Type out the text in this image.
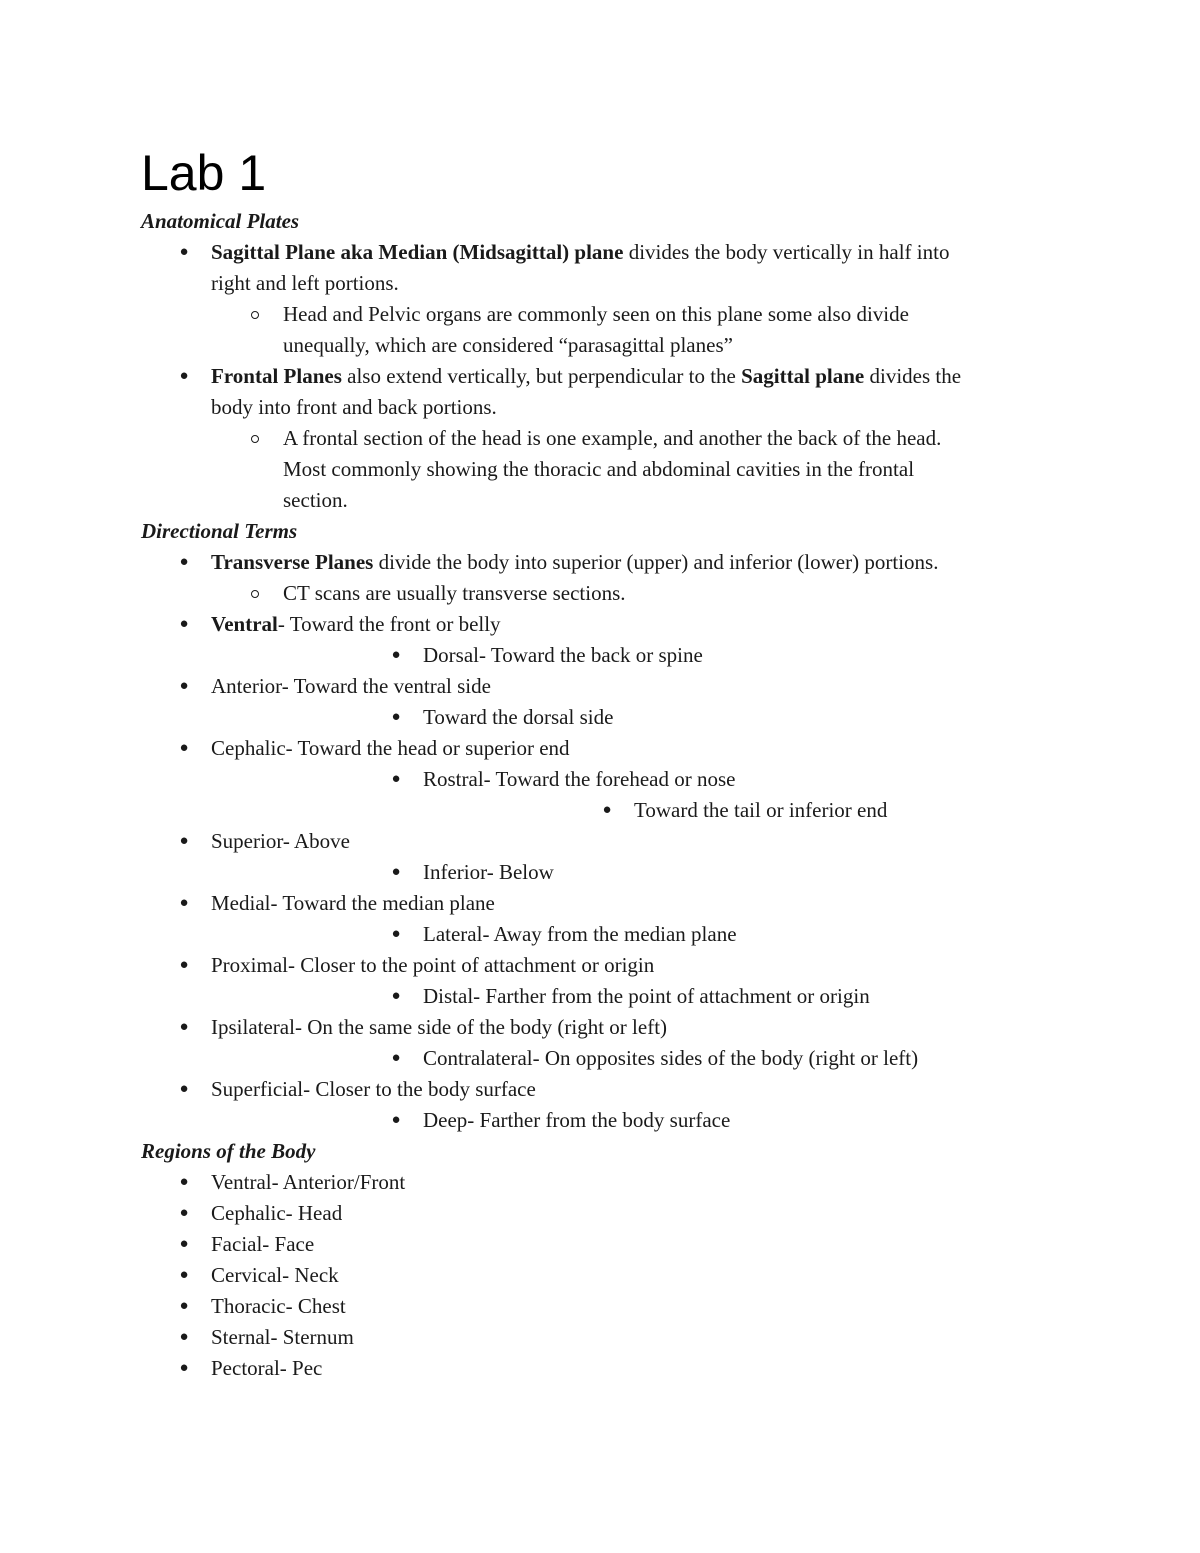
Lab 1
Anatomical Plates
● Sagittal Plane aka Median (Midsagittal) plane divides the body vertically in half into
right and left portions.
Head and Pelvic organs are commonly seen on this plane some also divide
unequally, which are considered “parasagittal planes”
● Frontal Planes also extend vertically, but perpendicular to the Sagittal plane divides the
body into front and back portions.
A frontal section of the head is one example, and another the back of the head.
Most commonly showing the thoracic and abdominal cavities in the frontal
section.
Directional Terms
● Transverse Planes divide the body into superior (upper) and inferior (lower) portions.
CT scans are usually transverse sections.
● Ventral- Toward the front or belly
● Dorsal- Toward the back or spine
● Anterior- Toward the ventral side
● Toward the dorsal side
● Cephalic- Toward the head or superior end
● Rostral- Toward the forehead or nose
● Toward the tail or inferior end
● Superior- Above
● Inferior- Below
● Medial- Toward the median plane
● Lateral- Away from the median plane
● Proximal- Closer to the point of attachment or origin
● Distal- Farther from the point of attachment or origin
● Ipsilateral- On the same side of the body (right or left)
● Contralateral- On opposites sides of the body (right or left)
● Superficial- Closer to the body surface
● Deep- Farther from the body surface
Regions of the Body
● Ventral- Anterior/Front
● Cephalic- Head
● Facial- Face
● Cervical- Neck
● Thoracic- Chest
● Sternal- Sternum
● Pectoral- Pec
